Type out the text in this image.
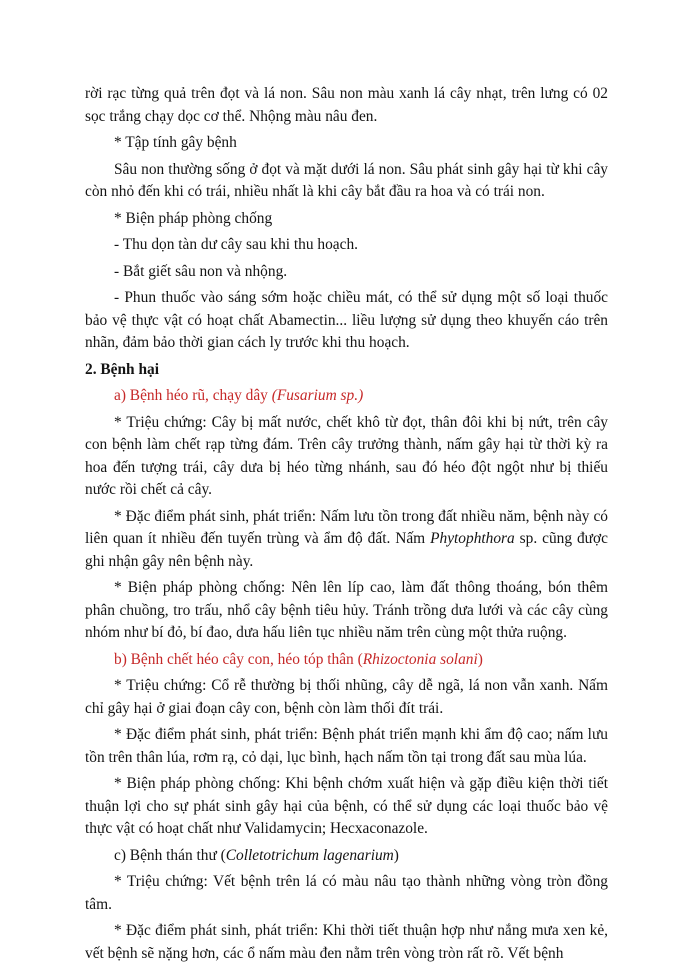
rời rạc từng quả trên đọt và lá non. Sâu non màu xanh lá cây nhạt, trên lưng có 02 sọc trắng chạy dọc cơ thể. Nhộng màu nâu đen.

* Tập tính gây bệnh

Sâu non thường sống ở đọt và mặt dưới lá non. Sâu phát sinh gây hại từ khi cây còn nhỏ đến khi có trái, nhiều nhất là khi cây bắt đầu ra hoa và có trái non.

* Biện pháp phòng chống

- Thu dọn tàn dư cây sau khi thu hoạch.

- Bắt giết sâu non và nhộng.

- Phun thuốc vào sáng sớm hoặc chiều mát, có thể sử dụng một số loại thuốc bảo vệ thực vật có hoạt chất Abamectin... liều lượng sử dụng theo khuyến cáo trên nhãn, đảm bảo thời gian cách ly trước khi thu hoạch.

2. Bệnh hại

a) Bệnh héo rũ, chạy dây (Fusarium sp.)

* Triệu chứng: Cây bị mất nước, chết khô từ đọt, thân đôi khi bị nứt, trên cây con bệnh làm chết rạp từng đám. Trên cây trưởng thành, nấm gây hại từ thời kỳ ra hoa đến tượng trái, cây dưa bị héo từng nhánh, sau đó héo đột ngột như bị thiếu nước rồi chết cả cây.

* Đặc điểm phát sinh, phát triển: Nấm lưu tồn trong đất nhiều năm, bệnh này có liên quan ít nhiều đến tuyến trùng và ẩm độ đất. Nấm Phytophthora sp. cũng được ghi nhận gây nên bệnh này.

* Biện pháp phòng chống: Nên lên líp cao, làm đất thông thoáng, bón thêm phân chuồng, tro trấu, nhổ cây bệnh tiêu hủy. Tránh trồng dưa lưới và các cây cùng nhóm như bí đỏ, bí đao, dưa hấu liên tục nhiều năm trên cùng một thửa ruộng.

b) Bệnh chết héo cây con, héo tóp thân (Rhizoctonia solani)

* Triệu chứng: Cổ rễ thường bị thối nhũng, cây dễ ngã, lá non vẫn xanh. Nấm chỉ gây hại ở giai đoạn cây con, bệnh còn làm thối đít trái.

* Đặc điểm phát sinh, phát triển: Bệnh phát triển mạnh khi ẩm độ cao; nấm lưu tồn trên thân lúa, rơm rạ, cỏ dại, lục bình, hạch nấm tồn tại trong đất sau mùa lúa.

* Biện pháp phòng chống: Khi bệnh chớm xuất hiện và gặp điều kiện thời tiết thuận lợi cho sự phát sinh gây hại của bệnh, có thể sử dụng các loại thuốc bảo vệ thực vật có hoạt chất như Validamycin; Hecxaconazole.

c) Bệnh thán thư (Colletotrichum lagenarium)

* Triệu chứng: Vết bệnh trên lá có màu nâu tạo thành những vòng tròn đồng tâm.

* Đặc điểm phát sinh, phát triển: Khi thời tiết thuận hợp như nắng mưa xen kẻ, vết bệnh sẽ nặng hơn, các ổ nấm màu đen nằm trên vòng tròn rất rõ. Vết bệnh
